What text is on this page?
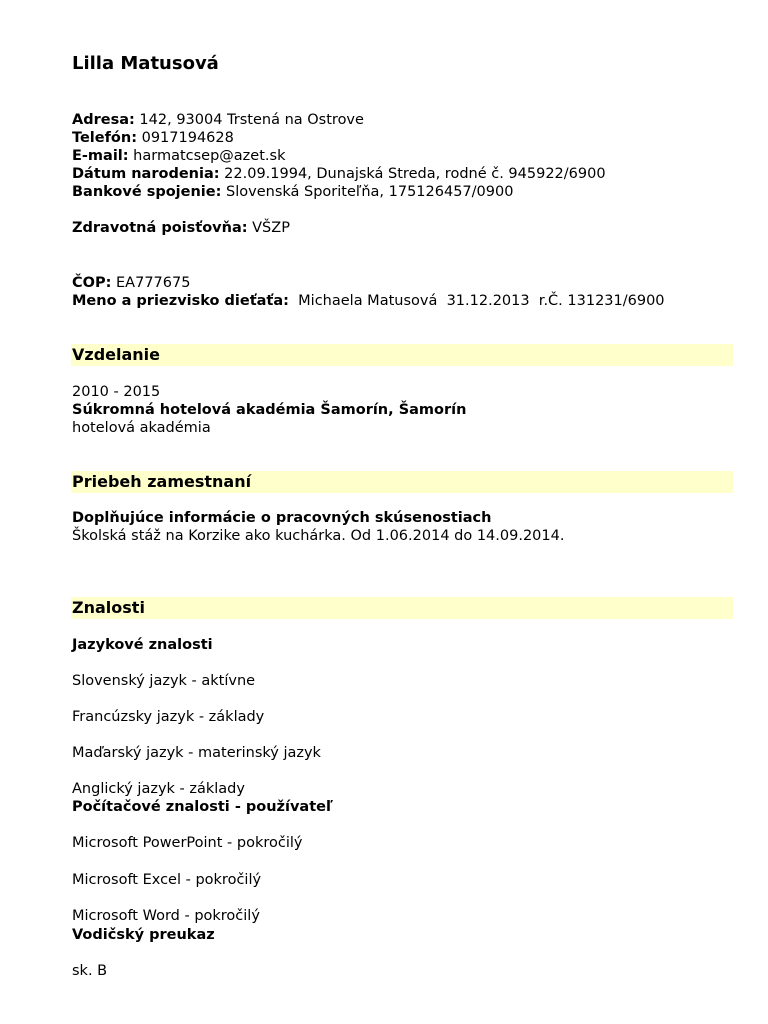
Lilla Matusová
Adresa: 142, 93004 Trstená na Ostrove
Telefón: 0917194628
E-mail: harmatcsep@azet.sk
Dátum narodenia: 22.09.1994, Dunajská Streda, rodné č. 945922/6900
Bankové spojenie: Slovenská Sporiteľňa, 175126457/0900
Zdravotná poisťovňa: VŠZP
ČOP: EA777675
Meno a priezvisko dieťaťa: Michaela Matusová  31.12.2013  r.Č. 131231/6900
Vzdelanie
2010 - 2015
Súkromná hotelová akadémia Šamorín, Šamorín
hotelová akadémia
Priebeh zamestnaní
Doplňujúce informácie o pracovných skúsenostiach
Školská stáž na Korzike ako kuchárka. Od 1.06.2014 do 14.09.2014.
Znalosti
Jazykové znalosti
Slovenský jazyk - aktívne
Francúzsky jazyk - základy
Maďarský jazyk - materinský jazyk
Anglický jazyk - základy
Počítačové znalosti - používateľ
Microsoft PowerPoint - pokročilý
Microsoft Excel - pokročilý
Microsoft Word - pokročilý
Vodičský preukaz
sk. B
